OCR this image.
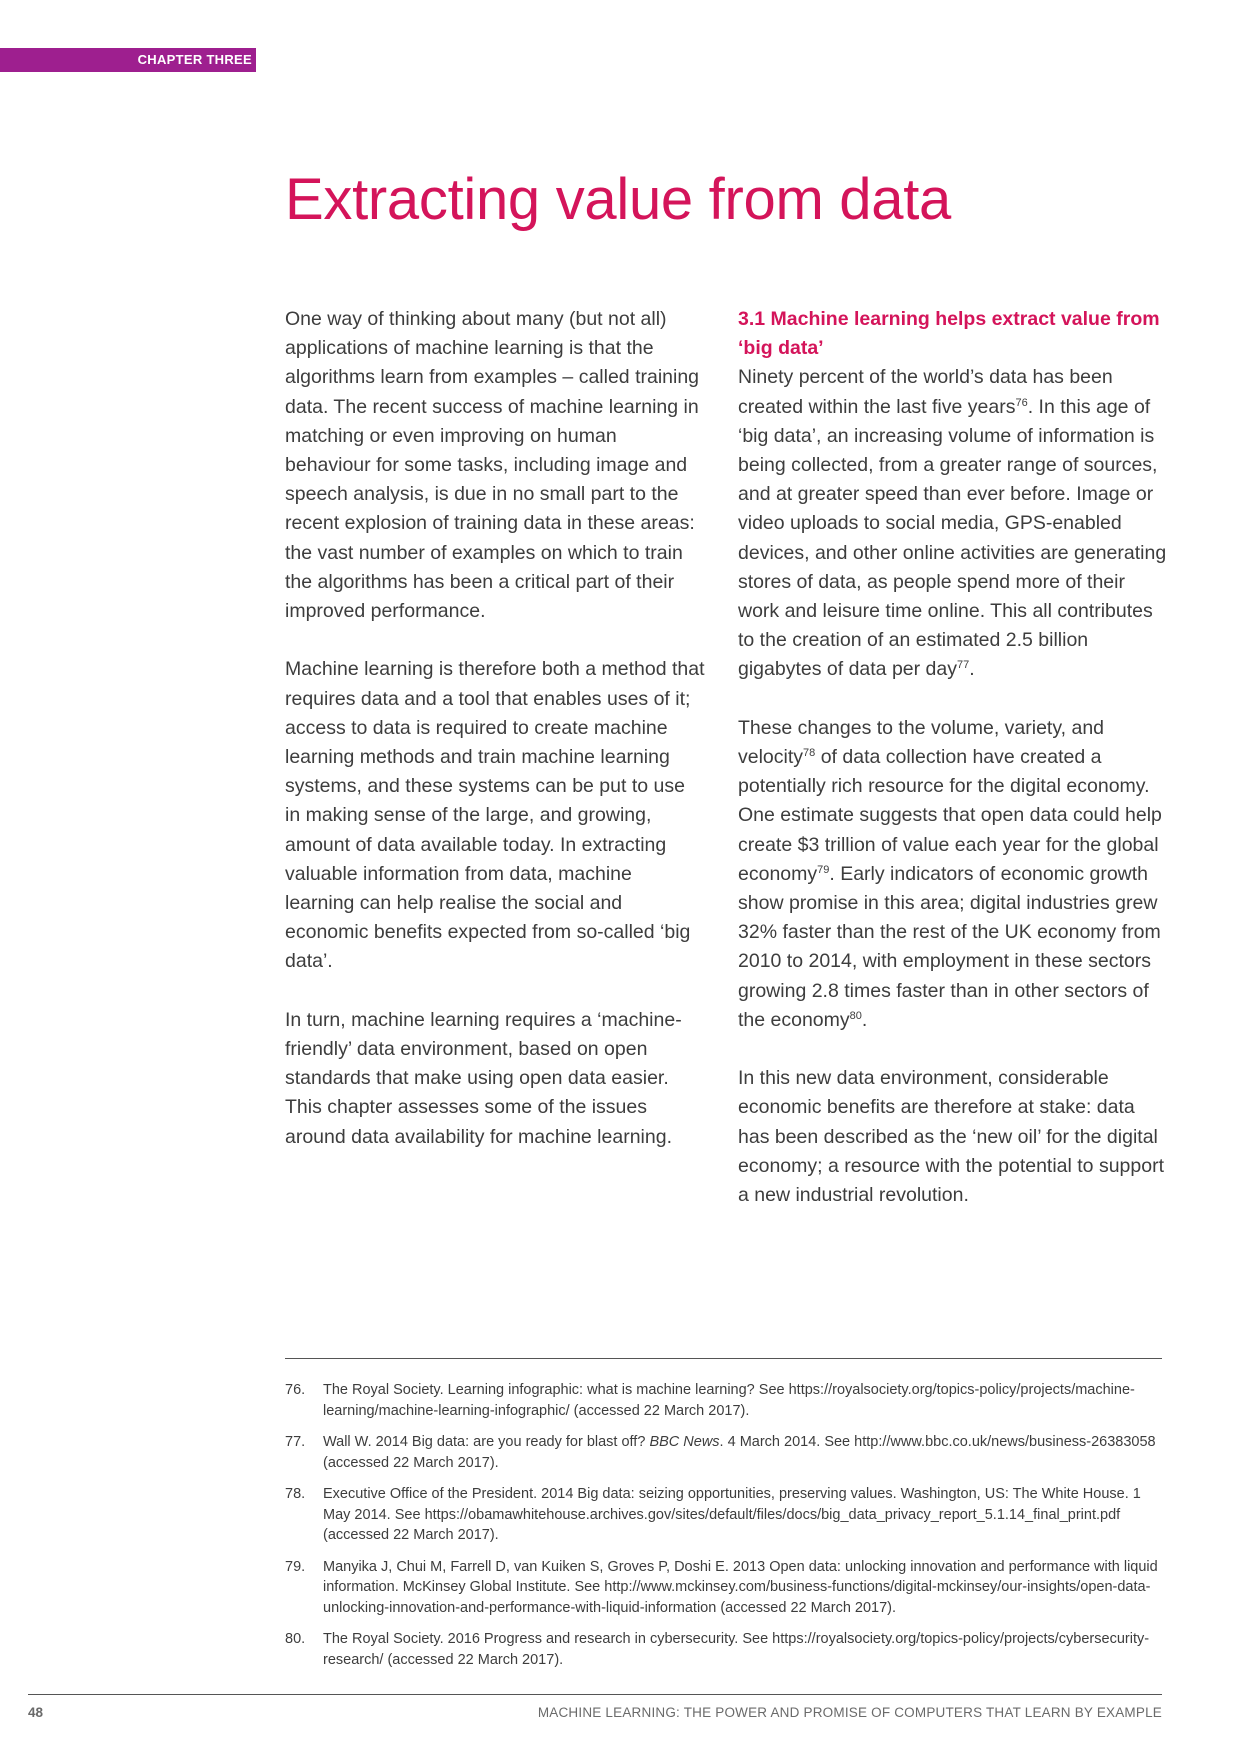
CHAPTER THREE
Extracting value from data

One way of thinking about many (but not all) applications of machine learning is that the algorithms learn from examples – called training data. The recent success of machine learning in matching or even improving on human behaviour for some tasks, including image and speech analysis, is due in no small part to the recent explosion of training data in these areas: the vast number of examples on which to train the algorithms has been a critical part of their improved performance.

Machine learning is therefore both a method that requires data and a tool that enables uses of it; access to data is required to create machine learning methods and train machine learning systems, and these systems can be put to use in making sense of the large, and growing, amount of data available today. In extracting valuable information from data, machine learning can help realise the social and economic benefits expected from so-called ‘big data’.

In turn, machine learning requires a ‘machine-friendly’ data environment, based on open standards that make using open data easier. This chapter assesses some of the issues around data availability for machine learning.

3.1 Machine learning helps extract value from ‘big data’

Ninety percent of the world’s data has been created within the last five years$^{76}$. In this age of ‘big data’, an increasing volume of information is being collected, from a greater range of sources, and at greater speed than ever before. Image or video uploads to social media, GPS-enabled devices, and other online activities are generating stores of data, as people spend more of their work and leisure time online. This all contributes to the creation of an estimated 2.5 billion gigabytes of data per day$^{77}$.

These changes to the volume, variety, and velocity$^{78}$ of data collection have created a potentially rich resource for the digital economy. One estimate suggests that open data could help create $3 trillion of value each year for the global economy$^{79}$. Early indicators of economic growth show promise in this area; digital industries grew 32% faster than the rest of the UK economy from 2010 to 2014, with employment in these sectors growing 2.8 times faster than in other sectors of the economy$^{80}$.

In this new data environment, considerable economic benefits are therefore at stake: data has been described as the ‘new oil’ for the digital economy; a resource with the potential to support a new industrial revolution.

76.	The Royal Society. Learning infographic: what is machine learning? See https://royalsociety.org/topics-policy/projects/machine-learning/machine-learning-infographic/ (accessed 22 March 2017).
77.	Wall W. 2014 Big data: are you ready for blast off? BBC News. 4 March 2014. See http://www.bbc.co.uk/news/business-26383058 (accessed 22 March 2017).
78.	Executive Office of the President. 2014 Big data: seizing opportunities, preserving values. Washington, US: The White House. 1 May 2014. See https://obamawhitehouse.archives.gov/sites/default/files/docs/big_data_privacy_report_5.1.14_final_print.pdf (accessed 22 March 2017).
79.	Manyika J, Chui M, Farrell D, van Kuiken S, Groves P, Doshi E. 2013 Open data: unlocking innovation and performance with liquid information. McKinsey Global Institute. See http://www.mckinsey.com/business-functions/digital-mckinsey/our-insights/open-data-unlocking-innovation-and-performance-with-liquid-information (accessed 22 March 2017).
80.	The Royal Society. 2016 Progress and research in cybersecurity. See https://royalsociety.org/topics-policy/projects/cybersecurity-research/ (accessed 22 March 2017).
48	MACHINE LEARNING: THE POWER AND PROMISE OF COMPUTERS THAT LEARN BY EXAMPLE
